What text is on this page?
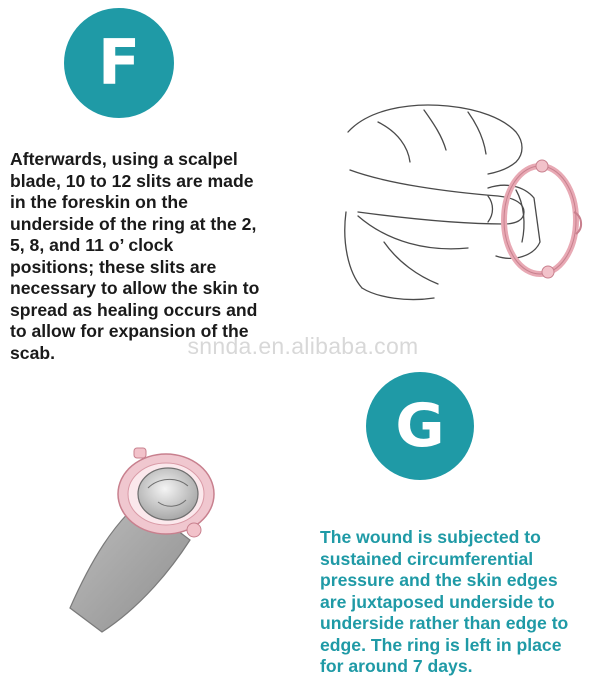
F

Afterwards, using a scalpel
blade, 10 to 12 slits are made
in the foreskin on the
underside of the ring at the 2,
5, 8, and 11 o’ clock
positions; these slits are
necessary to allow the skin to
spread as healing occurs and
to allow for expansion of the
scab.	snnda.en.alibaba.com
G

The wound is subjected to
sustained circumferential
pressure and the skin edges
are juxtaposed underside to
underside rather than edge to
edge. The ring is left in place
for around 7 days.
